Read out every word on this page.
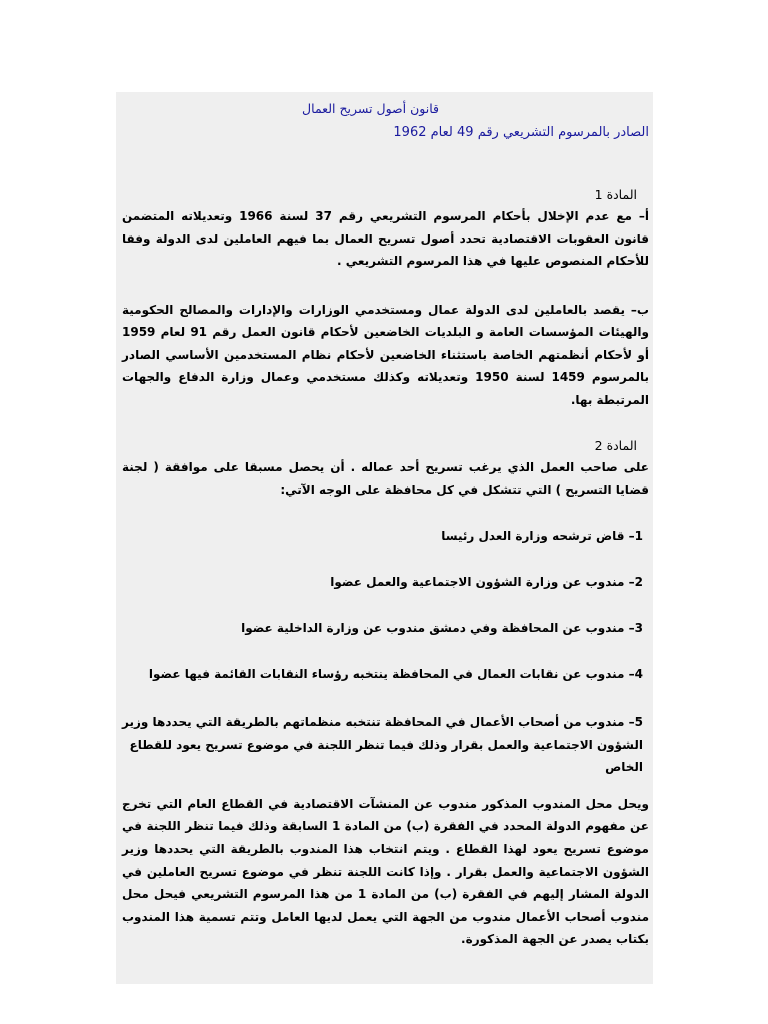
قانون أصول تسريح العمال
الصادر بالمرسوم التشريعي رقم 49 لعام 1962
المادة 1
أ– مع عدم الإخلال بأحكام المرسوم التشريعي رقم 37 لسنة 1966 وتعديلاته المتضمن قانون العقوبات الاقتصادية تحدد أصول تسريح العمال بما فيهم العاملين لدى الدولة وفقا للأحكام المنصوص عليها في هذا المرسوم التشريعي .
ب– يقصد بالعاملين لدى الدولة عمال ومستخدمي الوزارات والإدارات والمصالح الحكومية والهيئات المؤسسات العامة و البلديات الخاضعين لأحكام قانون العمل رقم 91 لعام 1959 أو لأحكام أنظمتهم الخاصة باستثناء الخاضعين لأحكام نظام المستخدمين الأساسي الصادر بالمرسوم 1459 لسنة 1950 وتعديلاته وكذلك مستخدمي وعمال وزارة الدفاع والجهات المرتبطة بها.
المادة 2
على صاحب العمل الذي يرغب تسريح أحد عماله . أن يحصل مسبقا على موافقة ( لجنة قضايا التسريح ) التي تتشكل في كل محافظة على الوجه الآتي:
1– قاض ترشحه وزارة العدل رئيسا
2– مندوب عن وزارة الشؤون الاجتماعية والعمل عضوا
3– مندوب عن المحافظة وفي دمشق مندوب عن وزارة الداخلية عضوا
4– مندوب عن نقابات العمال في المحافظة ينتخبه رؤساء النقابات القائمة فيها عضوا
5– مندوب من أصحاب الأعمال في المحافظة تنتخبه منظماتهم بالطريقة التي يحددها وزير الشؤون الاجتماعية والعمل بقرار وذلك فيما تنظر اللجنة في موضوع تسريح يعود للقطاع الخاص
ويحل محل المندوب المذكور مندوب عن المنشآت الاقتصادية في القطاع العام التي تخرج عن مفهوم الدولة المحدد في الفقرة (ب) من المادة 1 السابقة وذلك فيما تنظر اللجنة في موضوع تسريح يعود لهذا القطاع . ويتم انتخاب هذا المندوب بالطريقة التي يحددها وزير الشؤون الاجتماعية والعمل بقرار . وإذا كانت اللجنة تنظر في موضوع تسريح العاملين في الدولة المشار إليهم في الفقرة (ب) من المادة 1 من هذا المرسوم التشريعي فيحل محل مندوب أصحاب الأعمال مندوب من الجهة التي يعمل لديها العامل وتتم تسمية هذا المندوب بكتاب يصدر عن الجهة المذكورة.
